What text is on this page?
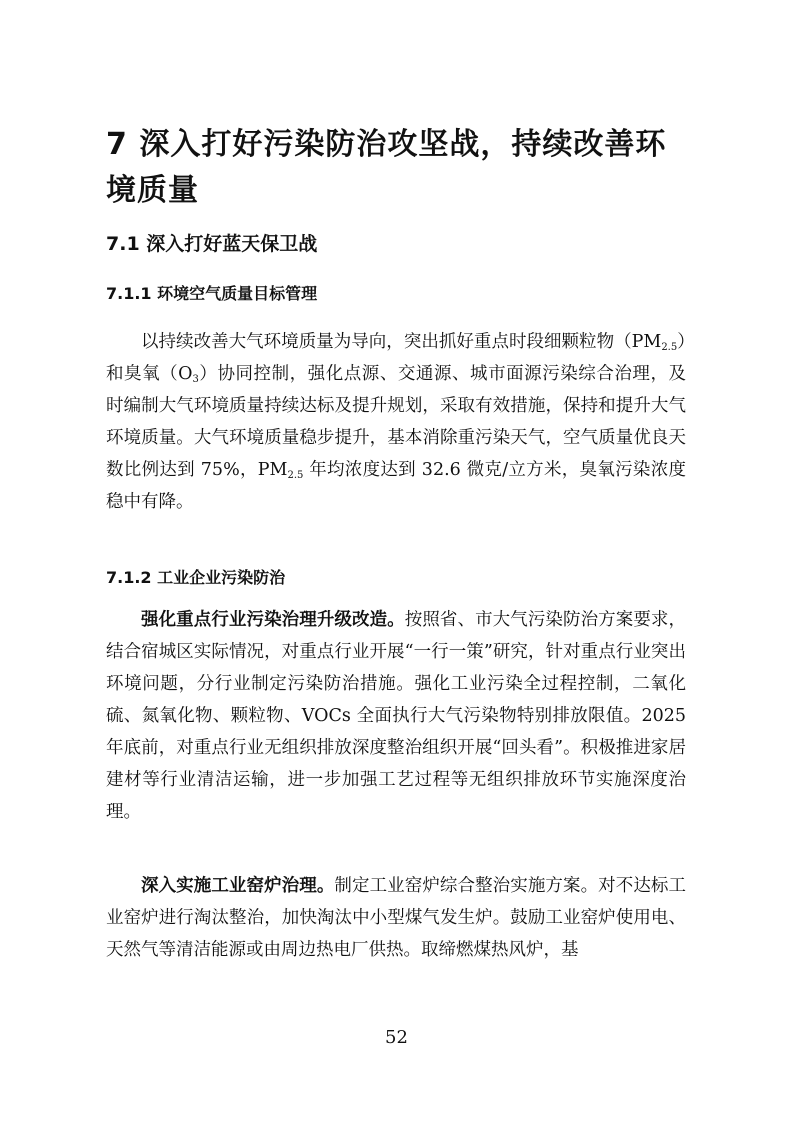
7 深入打好污染防治攻坚战，持续改善环境质量
7.1 深入打好蓝天保卫战
7.1.1 环境空气质量目标管理

以持续改善大气环境质量为导向，突出抓好重点时段细颗粒物$(PM_{2.5})$和臭氧$(O_3)$协同控制，强化点源、交通源、城市面源污染综合治理，及时编制大气环境质量持续达标及提升规划，采取有效措施，保持和提升大气环境质量。大气环境质量稳步提升，基本消除重污染天气，空气质量优良天数比例达到 75%，$PM_{2.5}$ 年均浓度达到 32.6 微克/立方米，臭氧污染浓度稳中有降。

7.1.2 工业企业污染防治

强化重点行业污染治理升级改造。按照省、市大气污染防治方案要求，结合宿城区实际情况，对重点行业开展“一行一策”研究，针对重点行业突出环境问题，分行业制定污染防治措施。强化工业污染全过程控制，二氧化硫、氮氧化物、颗粒物、VOCs 全面执行大气污染物特别排放限值。2025 年底前，对重点行业无组织排放深度整治组织开展“回头看”。积极推进家居建材等行业清洁运输，进一步加强工艺过程等无组织排放环节实施深度治理。

深入实施工业窑炉治理。制定工业窑炉综合整治实施方案。对不达标工业窑炉进行淘汰整治，加快淘汰中小型煤气发生炉。鼓励工业窑炉使用电、天然气等清洁能源或由周边热电厂供热。取缔燃煤热风炉，基

52
